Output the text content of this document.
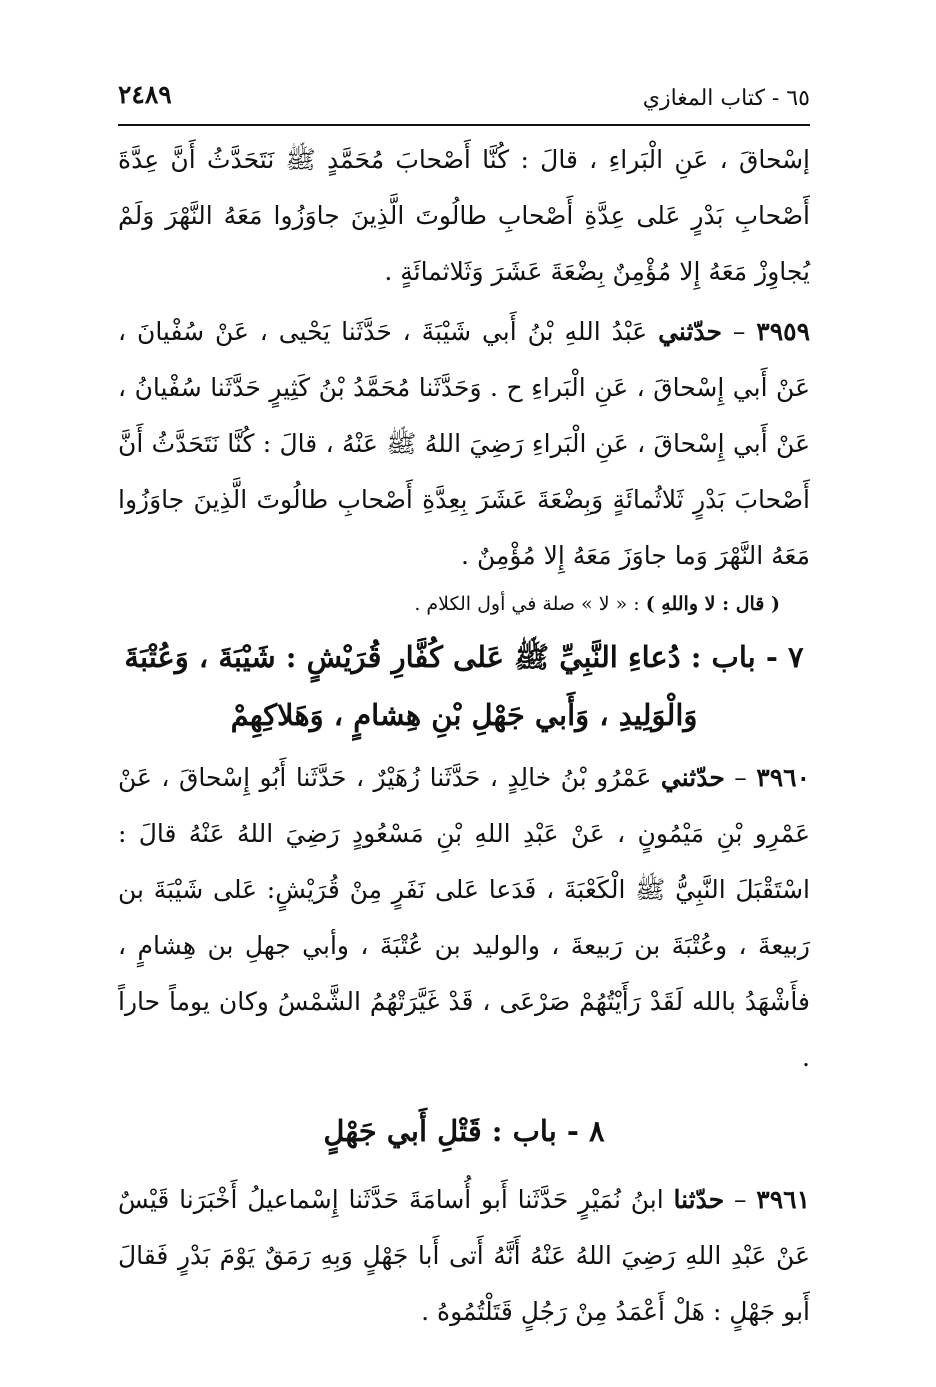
٦٥ - كتاب المغازي
٢٤٨٩

إسْحاقَ ، عَنِ الْبَراءِ ، قالَ : كُنَّا أَصْحابَ مُحَمَّدٍ ﷺ نَتَحَدَّثُ أَنَّ عِدَّةَ أَصْحابِ بَدْرٍ عَلى عِدَّةِ أَصْحابِ طالُوتَ الَّذِينَ جاوَزُوا مَعَهُ النَّهْرَ وَلَمْ يُجاوِزْ مَعَهُ إِلا مُؤْمِنٌ بِضْعَةَ عَشَرَ وَثَلاثمائَةٍ .

٣٩٥٩ – حدّثني عَبْدُ اللهِ بْنُ أَبي شَيْبَةَ ، حَدَّثَنا يَحْيى ، عَنْ سُفْيانَ ، عَنْ أَبي إِسْحاقَ ، عَنِ الْبَراءِ ح . وَحَدَّثَنا مُحَمَّدُ بْنُ كَثِيرٍ حَدَّثَنا سُفْيانُ ، عَنْ أَبي إِسْحاقَ ، عَنِ الْبَراءِ رَضِيَ اللهُ ﷺ عَنْهُ ، قالَ : كُنَّا نَتَحَدَّثُ أَنَّ أَصْحابَ بَدْرٍ ثَلاثُمائَةٍ وَبِضْعَةَ عَشَرَ بِعِدَّةِ أَصْحابِ طالُوتَ الَّذِينَ جاوَزُوا مَعَهُ النَّهْرَ وَما جاوَزَ مَعَهُ إِلا مُؤْمِنٌ .

( قال : لا واللهِ ) : « لا » صلة في أول الكلام .

٧ - باب : دُعاءِ النَّبِيِّ ﷺ عَلى كُفَّارِ قُرَيْشٍ : شَيْبَةَ ، وَعُتْبَةَ
وَالْوَلِيدِ ، وَأَبي جَهْلِ بْنِ هِشامٍ ، وَهَلاكِهِمْ

٣٩٦٠ – حدّثني عَمْرُو بْنُ خالِدٍ ، حَدَّثَنا زُهَيْرٌ ، حَدَّثَنا أَبُو إِسْحاقَ ، عَنْ عَمْرِو بْنِ مَيْمُونٍ ، عَنْ عَبْدِ اللهِ بْنِ مَسْعُودٍ رَضِيَ اللهُ عَنْهُ قالَ : اسْتَقْبَلَ النَّبِيُّ ﷺ الْكَعْبَةَ ، فَدَعا عَلى نَفَرٍ مِنْ قُرَيْشٍ: عَلى شَيْبَةَ بن رَبيعةَ ، وعُتْبَةَ بن رَبيعةَ ، والوليد بن عُتْبَةَ ، وأبي جهلِ بن هِشامٍ ، فأَشْهَدُ بالله لَقَدْ رَأَيْتُهُمْ صَرْعَى ، قَدْ غَيَّرَتْهُمُ الشَّمْسُ وكان يوماً حاراً .

٨ - باب : قَتْلِ أَبي جَهْلٍ

٣٩٦١ – حدّثنا ابنُ نُمَيْرٍ حَدَّثَنا أَبو أُسامَةَ حَدَّثَنا إِسْماعيلُ أَخْبَرَنا قَيْسٌ عَنْ عَبْدِ اللهِ رَضِيَ اللهُ عَنْهُ أَنَّهُ أَتى أَبا جَهْلٍ وَبِهِ رَمَقٌ يَوْمَ بَدْرٍ فَقالَ أَبو جَهْلٍ : هَلْ أَعْمَدُ مِنْ رَجُلٍ قَتَلْتُمُوهُ .
